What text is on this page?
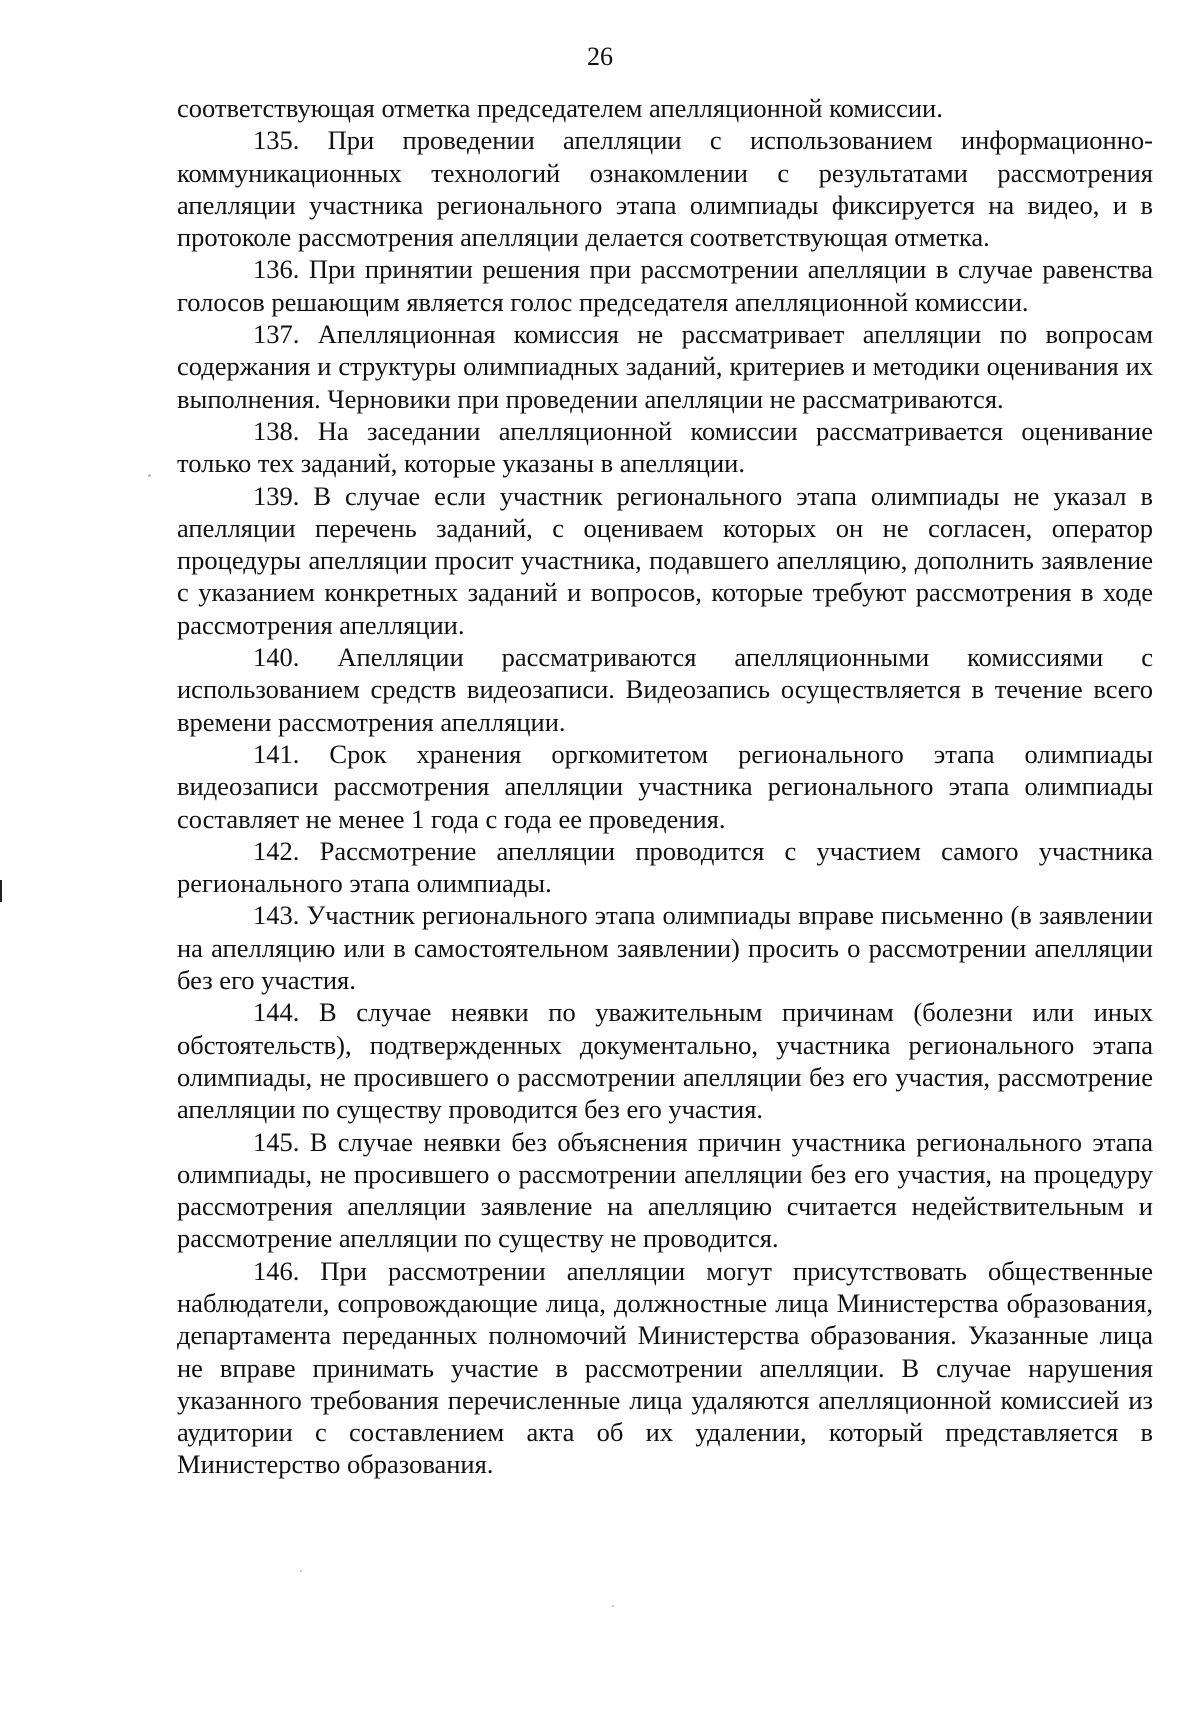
26

соответствующая отметка председателем апелляционной комиссии.

135. При проведении апелляции с использованием информационно-коммуникационных технологий ознакомлении с результатами рассмотрения апелляции участника регионального этапа олимпиады фиксируется на видео, и в протоколе рассмотрения апелляции делается соответствующая отметка.

136. При принятии решения при рассмотрении апелляции в случае равенства голосов решающим является голос председателя апелляционной комиссии.

137. Апелляционная комиссия не рассматривает апелляции по вопросам содержания и структуры олимпиадных заданий, критериев и методики оценивания их выполнения. Черновики при проведении апелляции не рассматриваются.

138. На заседании апелляционной комиссии рассматривается оценивание только тех заданий, которые указаны в апелляции.

139. В случае если участник регионального этапа олимпиады не указал в апелляции перечень заданий, с оцениваем которых он не согласен, оператор процедуры апелляции просит участника, подавшего апелляцию, дополнить заявление с указанием конкретных заданий и вопросов, которые требуют рассмотрения в ходе рассмотрения апелляции.

140. Апелляции рассматриваются апелляционными комиссиями с использованием средств видеозаписи. Видеозапись осуществляется в течение всего времени рассмотрения апелляции.

141. Срок хранения оргкомитетом регионального этапа олимпиады видеозаписи рассмотрения апелляции участника регионального этапа олимпиады составляет не менее 1 года с года ее проведения.

142. Рассмотрение апелляции проводится с участием самого участника регионального этапа олимпиады.

143. Участник регионального этапа олимпиады вправе письменно (в заявлении на апелляцию или в самостоятельном заявлении) просить о рассмотрении апелляции без его участия.

144. В случае неявки по уважительным причинам (болезни или иных обстоятельств), подтвержденных документально, участника регионального этапа олимпиады, не просившего о рассмотрении апелляции без его участия, рассмотрение апелляции по существу проводится без его участия.

145. В случае неявки без объяснения причин участника регионального этапа олимпиады, не просившего о рассмотрении апелляции без его участия, на процедуру рассмотрения апелляции заявление на апелляцию считается недействительным и рассмотрение апелляции по существу не проводится.

146. При рассмотрении апелляции могут присутствовать общественные наблюдатели, сопровождающие лица, должностные лица Министерства образования, департамента переданных полномочий Министерства образования. Указанные лица не вправе принимать участие в рассмотрении апелляции. В случае нарушения указанного требования перечисленные лица удаляются апелляционной комиссией из аудитории с составлением акта об их удалении, который представляется в Министерство образования.
